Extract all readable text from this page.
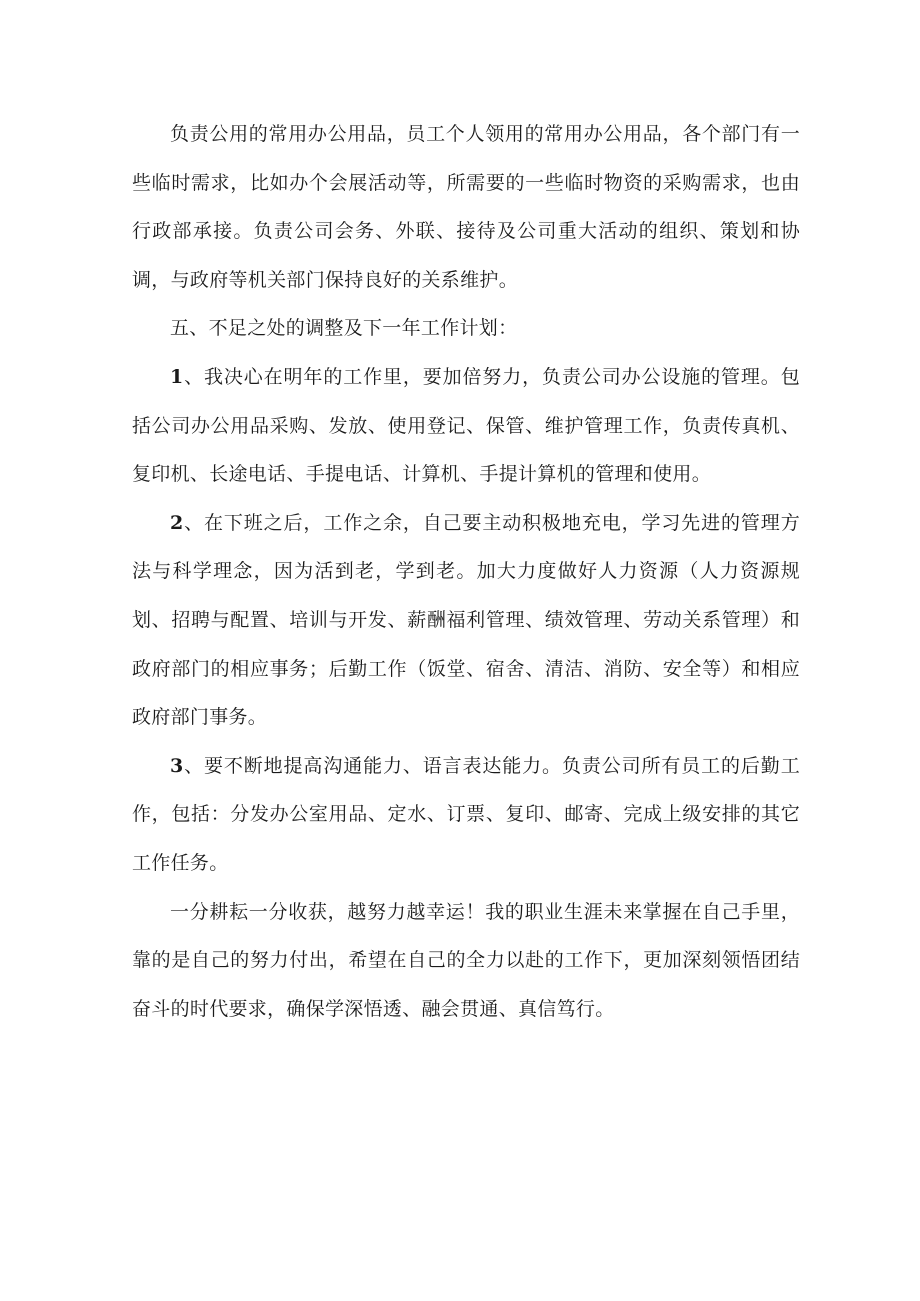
负责公用的常用办公用品，员工个人领用的常用办公用品，各个部门有一些临时需求，比如办个会展活动等，所需要的一些临时物资的采购需求，也由行政部承接。负责公司会务、外联、接待及公司重大活动的组织、策划和协调，与政府等机关部门保持良好的关系维护。

五、不足之处的调整及下一年工作计划：

1、我决心在明年的工作里，要加倍努力，负责公司办公设施的管理。包括公司办公用品采购、发放、使用登记、保管、维护管理工作，负责传真机、复印机、长途电话、手提电话、计算机、手提计算机的管理和使用。

2、在下班之后，工作之余，自己要主动积极地充电，学习先进的管理方法与科学理念，因为活到老，学到老。加大力度做好人力资源（人力资源规划、招聘与配置、培训与开发、薪酬福利管理、绩效管理、劳动关系管理）和政府部门的相应事务；后勤工作（饭堂、宿舍、清洁、消防、安全等）和相应政府部门事务。

3、要不断地提高沟通能力、语言表达能力。负责公司所有员工的后勤工作，包括：分发办公室用品、定水、订票、复印、邮寄、完成上级安排的其它工作任务。

一分耕耘一分收获，越努力越幸运！我的职业生涯未来掌握在自己手里，靠的是自己的努力付出，希望在自己的全力以赴的工作下，更加深刻领悟团结奋斗的时代要求，确保学深悟透、融会贯通、真信笃行。
